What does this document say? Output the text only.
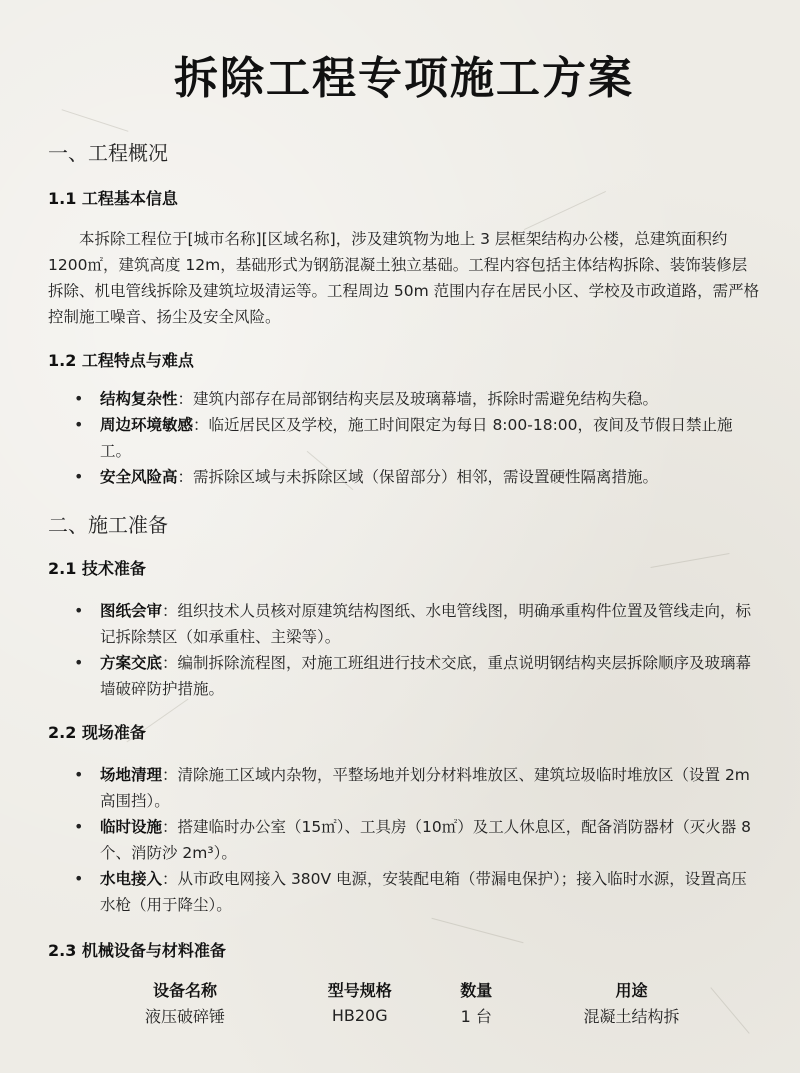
拆除工程专项施工方案
一、工程概况
1.1 工程基本信息

本拆除工程位于[城市名称][区域名称]，涉及建筑物为地上 3 层框架结构办公楼，总建筑面积约 1200㎡，建筑高度 12m，基础形式为钢筋混凝土独立基础。工程内容包括主体结构拆除、装饰装修层拆除、机电管线拆除及建筑垃圾清运等。工程周边 50m 范围内存在居民小区、学校及市政道路，需严格控制施工噪音、扬尘及安全风险。

1.2 工程特点与难点
• 结构复杂性：建筑内部存在局部钢结构夹层及玻璃幕墙，拆除时需避免结构失稳。
• 周边环境敏感：临近居民区及学校，施工时间限定为每日 8:00-18:00，夜间及节假日禁止施工。
• 安全风险高：需拆除区域与未拆除区域（保留部分）相邻，需设置硬性隔离措施。
二、施工准备
2.1 技术准备
• 图纸会审：组织技术人员核对原建筑结构图纸、水电管线图，明确承重构件位置及管线走向，标记拆除禁区（如承重柱、主梁等）。
• 方案交底：编制拆除流程图，对施工班组进行技术交底，重点说明钢结构夹层拆除顺序及玻璃幕墙破碎防护措施。
2.2 现场准备
• 场地清理：清除施工区域内杂物，平整场地并划分材料堆放区、建筑垃圾临时堆放区（设置 2m 高围挡）。
• 临时设施：搭建临时办公室（15㎡）、工具房（10㎡）及工人休息区，配备消防器材（灭火器 8 个、消防沙 2m³）。
• 水电接入：从市政电网接入 380V 电源，安装配电箱（带漏电保护）；接入临时水源，设置高压水枪（用于降尘）。
2.3 机械设备与材料准备
设备名称	型号规格	数量	用途
液压破碎锤	HB20G	1 台	混凝土结构拆
